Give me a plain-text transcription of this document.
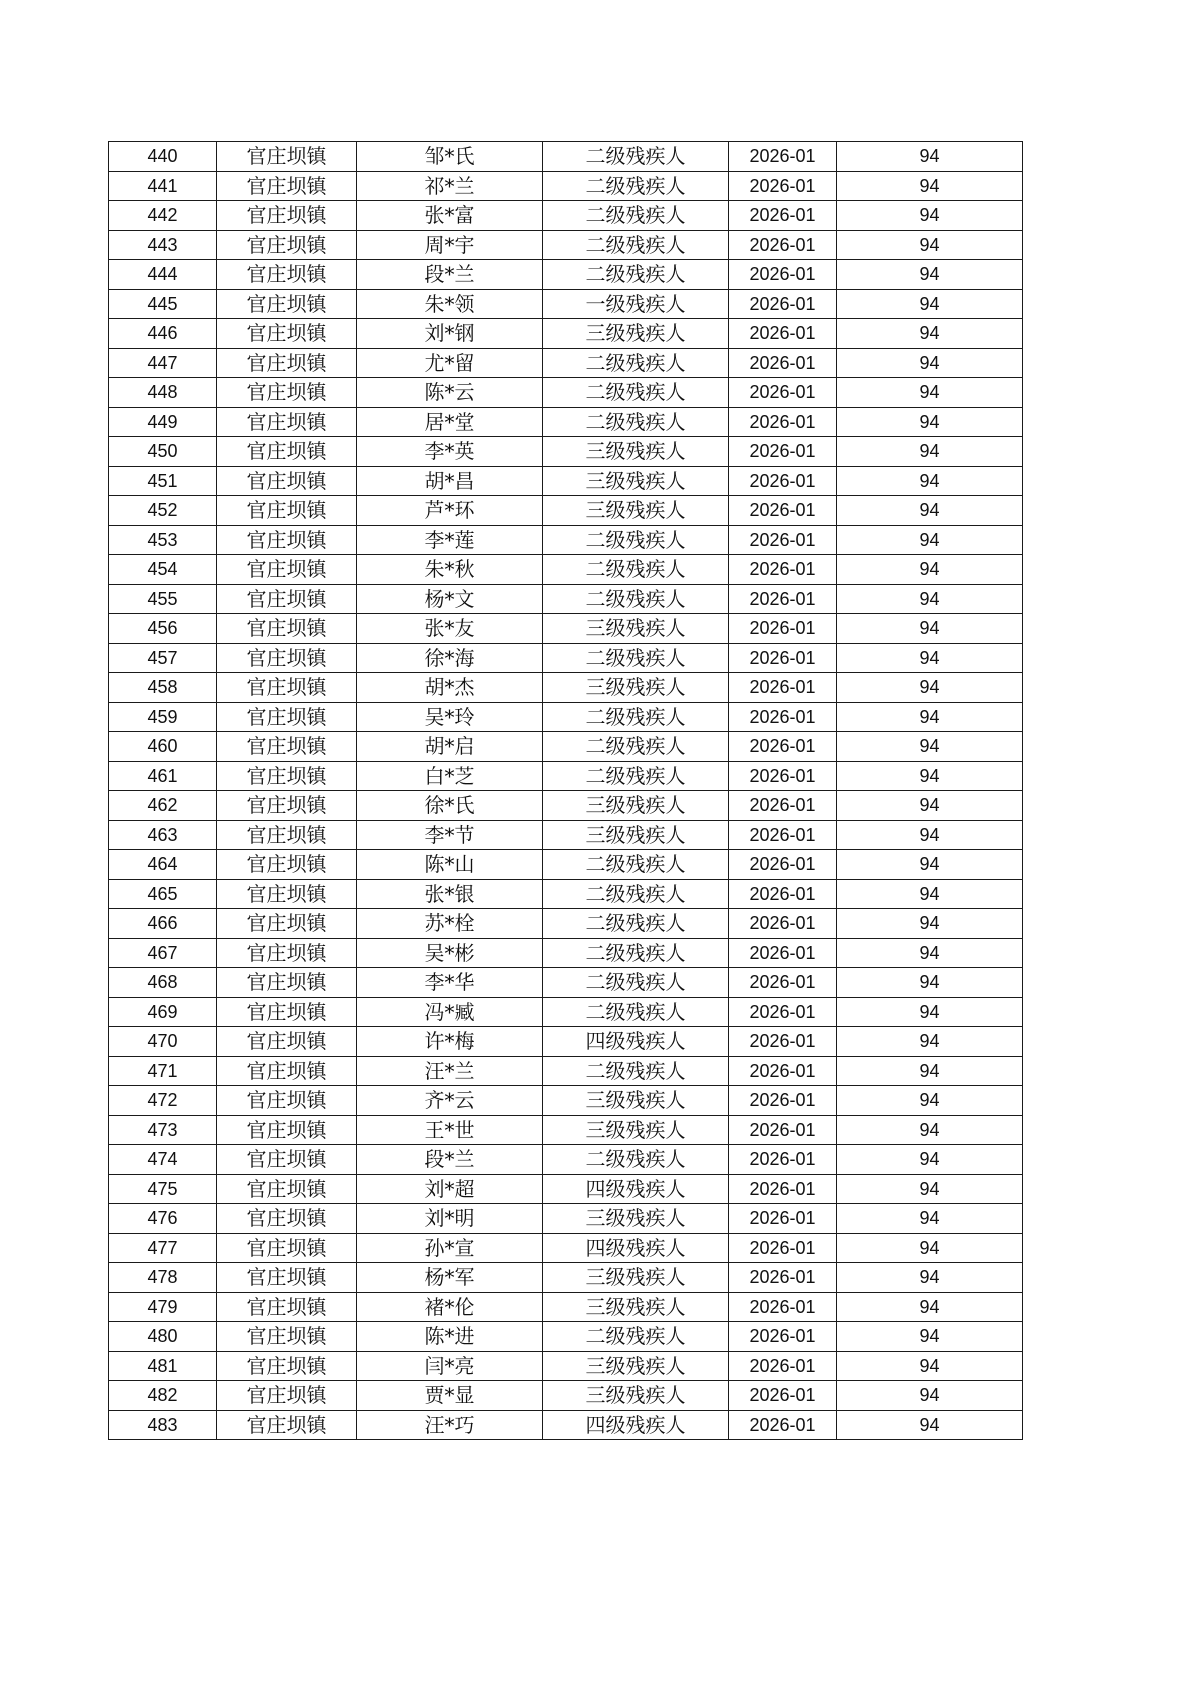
440	官庄坝镇	邹*氏	二级残疾人	2026-01	94
441	官庄坝镇	祁*兰	二级残疾人	2026-01	94
442	官庄坝镇	张*富	二级残疾人	2026-01	94
443	官庄坝镇	周*宇	二级残疾人	2026-01	94
444	官庄坝镇	段*兰	二级残疾人	2026-01	94
445	官庄坝镇	朱*领	一级残疾人	2026-01	94
446	官庄坝镇	刘*钢	三级残疾人	2026-01	94
447	官庄坝镇	尤*留	二级残疾人	2026-01	94
448	官庄坝镇	陈*云	二级残疾人	2026-01	94
449	官庄坝镇	居*堂	二级残疾人	2026-01	94
450	官庄坝镇	李*英	三级残疾人	2026-01	94
451	官庄坝镇	胡*昌	三级残疾人	2026-01	94
452	官庄坝镇	芦*环	三级残疾人	2026-01	94
453	官庄坝镇	李*莲	二级残疾人	2026-01	94
454	官庄坝镇	朱*秋	二级残疾人	2026-01	94
455	官庄坝镇	杨*文	二级残疾人	2026-01	94
456	官庄坝镇	张*友	三级残疾人	2026-01	94
457	官庄坝镇	徐*海	二级残疾人	2026-01	94
458	官庄坝镇	胡*杰	三级残疾人	2026-01	94
459	官庄坝镇	吴*玲	二级残疾人	2026-01	94
460	官庄坝镇	胡*启	二级残疾人	2026-01	94
461	官庄坝镇	白*芝	二级残疾人	2026-01	94
462	官庄坝镇	徐*氏	三级残疾人	2026-01	94
463	官庄坝镇	李*节	三级残疾人	2026-01	94
464	官庄坝镇	陈*山	二级残疾人	2026-01	94
465	官庄坝镇	张*银	二级残疾人	2026-01	94
466	官庄坝镇	苏*栓	二级残疾人	2026-01	94
467	官庄坝镇	吴*彬	二级残疾人	2026-01	94
468	官庄坝镇	李*华	二级残疾人	2026-01	94
469	官庄坝镇	冯*臧	二级残疾人	2026-01	94
470	官庄坝镇	许*梅	四级残疾人	2026-01	94
471	官庄坝镇	汪*兰	二级残疾人	2026-01	94
472	官庄坝镇	齐*云	三级残疾人	2026-01	94
473	官庄坝镇	王*世	三级残疾人	2026-01	94
474	官庄坝镇	段*兰	二级残疾人	2026-01	94
475	官庄坝镇	刘*超	四级残疾人	2026-01	94
476	官庄坝镇	刘*明	三级残疾人	2026-01	94
477	官庄坝镇	孙*宣	四级残疾人	2026-01	94
478	官庄坝镇	杨*军	三级残疾人	2026-01	94
479	官庄坝镇	褚*伦	三级残疾人	2026-01	94
480	官庄坝镇	陈*进	二级残疾人	2026-01	94
481	官庄坝镇	闫*亮	三级残疾人	2026-01	94
482	官庄坝镇	贾*显	三级残疾人	2026-01	94
483	官庄坝镇	汪*巧	四级残疾人	2026-01	94
